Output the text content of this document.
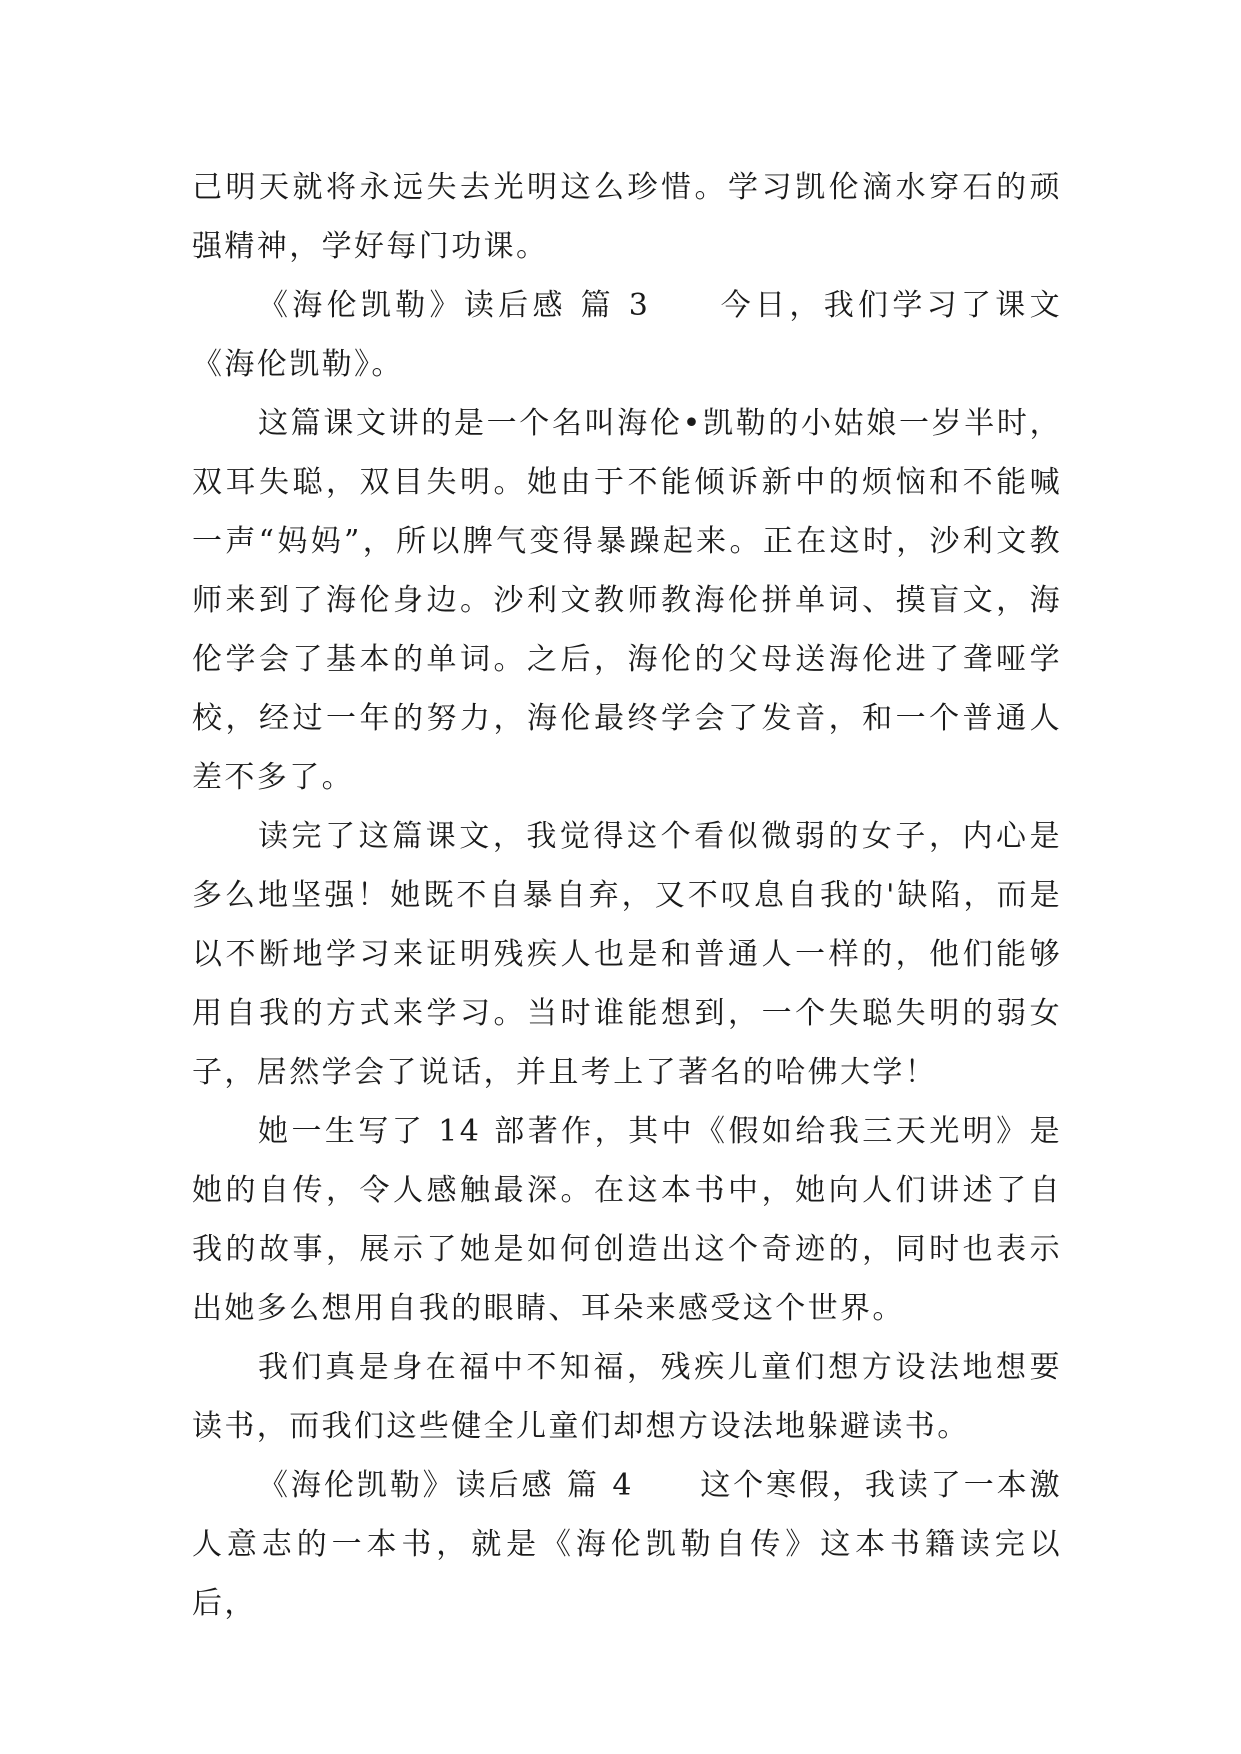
己明天就将永远失去光明这么珍惜。学习凯伦滴水穿石的顽强精神，学好每门功课。

《海伦凯勒》读后感 篇 3　　今日，我们学习了课文《海伦凯勒》。

这篇课文讲的是一个名叫海伦•凯勒的小姑娘一岁半时，双耳失聪，双目失明。她由于不能倾诉新中的烦恼和不能喊一声“妈妈”，所以脾气变得暴躁起来。正在这时，沙利文教师来到了海伦身边。沙利文教师教海伦拼单词、摸盲文，海伦学会了基本的单词。之后，海伦的父母送海伦进了聋哑学校，经过一年的努力，海伦最终学会了发音，和一个普通人差不多了。

读完了这篇课文，我觉得这个看似微弱的女子，内心是多么地坚强！她既不自暴自弃，又不叹息自我的'缺陷，而是以不断地学习来证明残疾人也是和普通人一样的，他们能够用自我的方式来学习。当时谁能想到，一个失聪失明的弱女子，居然学会了说话，并且考上了著名的哈佛大学！

她一生写了 14 部著作，其中《假如给我三天光明》是她的自传，令人感触最深。在这本书中，她向人们讲述了自我的故事，展示了她是如何创造出这个奇迹的，同时也表示出她多么想用自我的眼睛、耳朵来感受这个世界。

我们真是身在福中不知福，残疾儿童们想方设法地想要读书，而我们这些健全儿童们却想方设法地躲避读书。

《海伦凯勒》读后感 篇 4　　这个寒假，我读了一本激人意志的一本书，就是《海伦凯勒自传》这本书籍读完以后，
